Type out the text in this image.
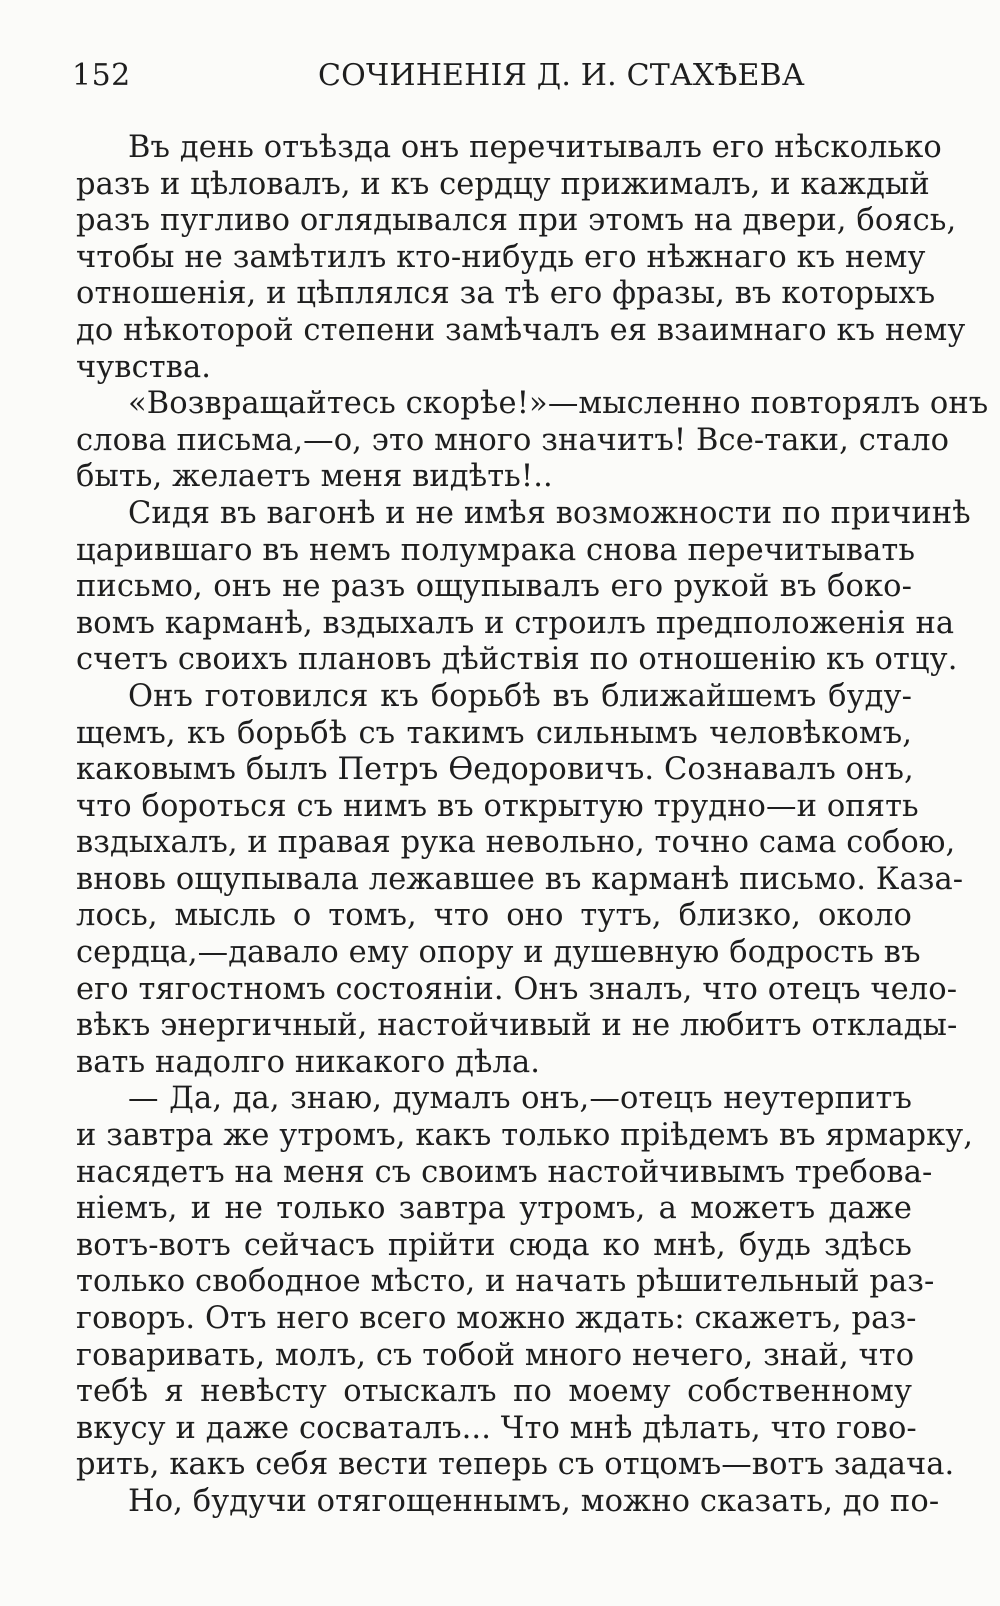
152	СОЧИНЕНІЯ Д. И. СТАХѢЕВА
Въ день отъѣзда онъ перечитывалъ его нѣсколько
разъ и цѣловалъ, и къ сердцу прижималъ, и каждый
разъ пугливо оглядывался при этомъ на двери, боясь,
чтобы не замѣтилъ кто-нибудь его нѣжнаго къ нему
отношенія, и цѣплялся за тѣ его фразы, въ которыхъ
до нѣкоторой степени замѣчалъ ея взаимнаго къ нему
чувства.
«Возвращайтесь скорѣе!»—мысленно повторялъ онъ
слова письма,—о, это много значитъ! Все-таки, стало
быть, желаетъ меня видѣть!..
Сидя въ вагонѣ и не имѣя возможности по причинѣ
царившаго въ немъ полумрака снова перечитывать
письмо, онъ не разъ ощупывалъ его рукой въ боко-
вомъ карманѣ, вздыхалъ и строилъ предположенія на
счетъ своихъ плановъ дѣйствія по отношенію къ отцу.
Онъ готовился къ борьбѣ въ ближайшемъ буду-
щемъ, къ борьбѣ съ такимъ сильнымъ человѣкомъ,
каковымъ былъ Петръ Ѳедоровичъ. Сознавалъ онъ,
что бороться съ нимъ въ открытую трудно—и опять
вздыхалъ, и правая рука невольно, точно сама собою,
вновь ощупывала лежавшее въ карманѣ письмо. Каза-
лось, мысль о томъ, что оно тутъ, близко, около
сердца,—давало ему опору и душевную бодрость въ
его тягостномъ состояніи. Онъ зналъ, что отецъ чело-
вѣкъ энергичный, настойчивый и не любитъ отклады-
вать надолго никакого дѣла.
— Да, да, знаю, думалъ онъ,—отецъ неутерпитъ
и завтра же утромъ, какъ только пріѣдемъ въ ярмарку,
насядетъ на меня съ своимъ настойчивымъ требова-
ніемъ, и не только завтра утромъ, а можетъ даже
вотъ-вотъ сейчасъ прійти сюда ко мнѣ, будь здѣсь
только свободное мѣсто, и начать рѣшительный раз-
говоръ. Отъ него всего можно ждать: скажетъ, раз-
говаривать, молъ, съ тобой много нечего, знай, что
тебѣ я невѣсту отыскалъ по моему собственному
вкусу и даже сосваталъ... Что мнѣ дѣлать, что гово-
рить, какъ себя вести теперь съ отцомъ—вотъ задача.
Но, будучи отягощеннымъ, можно сказать, до по-
